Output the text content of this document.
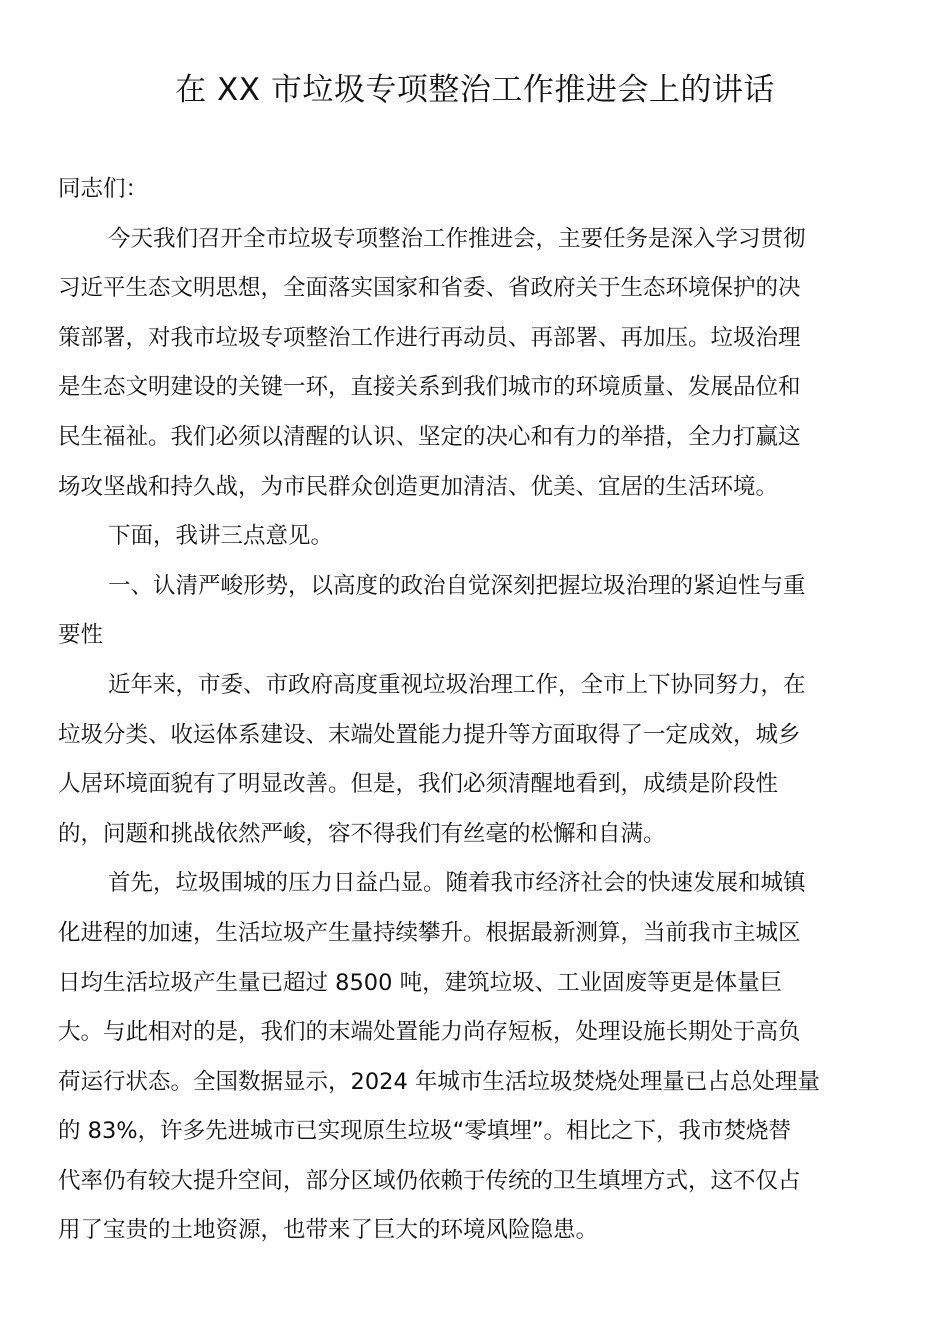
在 XX 市垃圾专项整治工作推进会上的讲话
同志们：
今天我们召开全市垃圾专项整治工作推进会，主要任务是深入学习贯彻
习近平生态文明思想，全面落实国家和省委、省政府关于生态环境保护的决
策部署，对我市垃圾专项整治工作进行再动员、再部署、再加压。垃圾治理
是生态文明建设的关键一环，直接关系到我们城市的环境质量、发展品位和
民生福祉。我们必须以清醒的认识、坚定的决心和有力的举措，全力打赢这
场攻坚战和持久战，为市民群众创造更加清洁、优美、宜居的生活环境。
下面，我讲三点意见。
一、认清严峻形势，以高度的政治自觉深刻把握垃圾治理的紧迫性与重
要性
近年来，市委、市政府高度重视垃圾治理工作，全市上下协同努力，在
垃圾分类、收运体系建设、末端处置能力提升等方面取得了一定成效，城乡
人居环境面貌有了明显改善。但是，我们必须清醒地看到，成绩是阶段性
的，问题和挑战依然严峻，容不得我们有丝毫的松懈和自满。
首先，垃圾围城的压力日益凸显。随着我市经济社会的快速发展和城镇
化进程的加速，生活垃圾产生量持续攀升。根据最新测算，当前我市主城区
日均生活垃圾产生量已超过 8500 吨，建筑垃圾、工业固废等更是体量巨
大。与此相对的是，我们的末端处置能力尚存短板，处理设施长期处于高负
荷运行状态。全国数据显示，2024 年城市生活垃圾焚烧处理量已占总处理量
的 83%，许多先进城市已实现原生垃圾“零填埋”。相比之下，我市焚烧替
代率仍有较大提升空间，部分区域仍依赖于传统的卫生填埋方式，这不仅占
用了宝贵的土地资源，也带来了巨大的环境风险隐患。
